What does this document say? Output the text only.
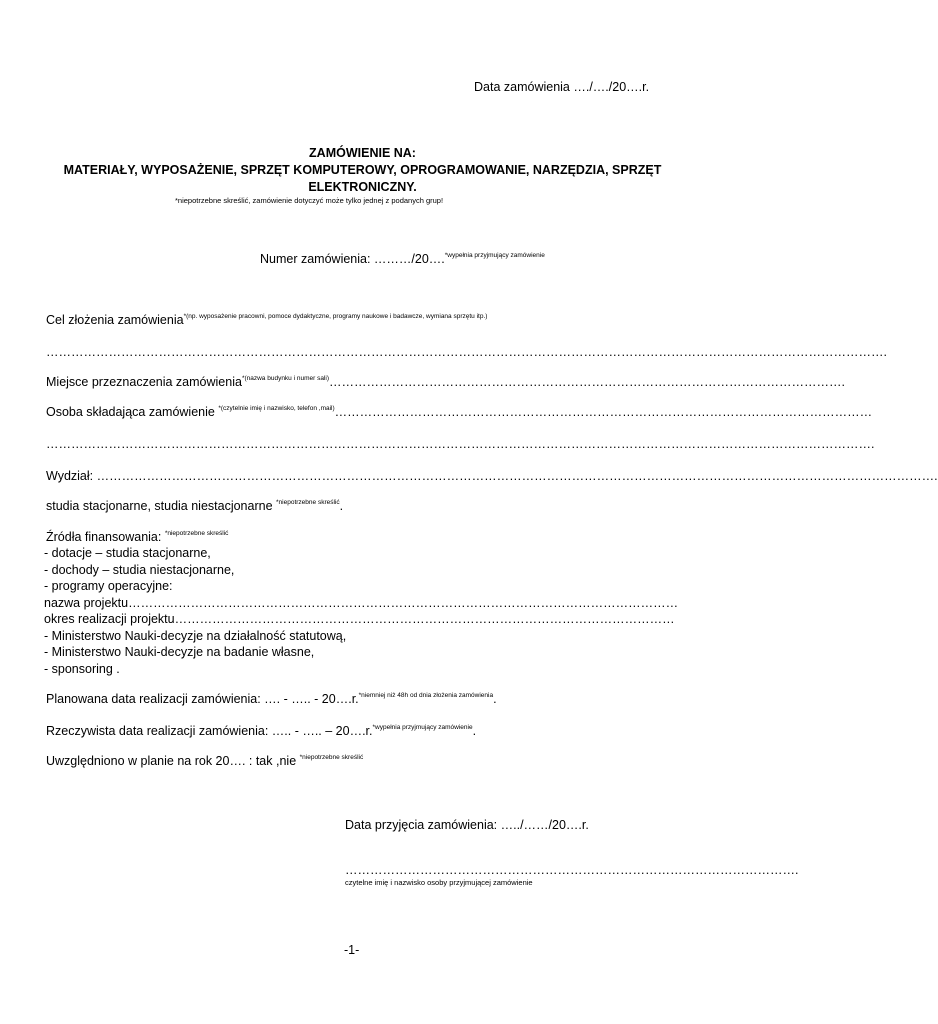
Data zamówienia …./…./20….r.
ZAMÓWIENIE NA:
MATERIAŁY, WYPOSAŻENIE, SPRZĘT KOMPUTEROWY, OPROGRAMOWANIE, NARZĘDZIA, SPRZĘT
ELEKTRONICZNY.
*niepotrzebne skreślić, zamówienie dotyczyć może tylko jednej z podanych grup!
Numer zamówienia: ………/20….$^{*wypełnia przyjmujący zamówienie}$
Cel złożenia zamówienia$^{*(np. wyposażenie pracowni, pomoce dydaktyczne, programy naukowe i badawcze, wymiana sprzętu itp.)}$
………………………………………………………………………………………………………………………………………………………………………………….
Miejsce przeznaczenia zamówienia$^{*(nazwa budynku i numer sali)}$…………………………………………………………………………………………………………….
Osoba składająca zamówienie $^{*(czytelnie imię i nazwisko, telefon ,mail)}$…………………………………………………………………………………………………………………
……………………………………………………………………………………………………………………………………………………………………………….
Wydział: ………………………………………………………………………………………………………………………………………………………………………………….
studia stacjonarne, studia niestacjonarne $^{*niepotrzebne skreślić}$.
Źródła finansowania: $^{*niepotrzebne skreślić}$
- dotacje – studia stacjonarne,
- dochody – studia niestacjonarne,
- programy operacyjne:
nazwa projektu……………………………………………………………………………………………………………………
okres realizacji projektu…………………………………………………………………………………………………………
- Ministerstwo Nauki-decyzje na działalność statutową,
- Ministerstwo Nauki-decyzje na badanie własne,
- sponsoring .
Planowana data realizacji zamówienia: …. - ….. - 20….r.$^{*niemniej niż 48h od dnia złożenia zamówienia}$.
Rzeczywista data realizacji zamówienia: ….. - ….. – 20….r.$^{*wypełnia przyjmujący zamówienie}$.
Uwzględniono w planie na rok 20…. : tak ,nie $^{*niepotrzebne skreślić}$
Data przyjęcia zamówienia: …../……/20….r.
……………………………………………………………………………………………….
czytelne imię i nazwisko osoby przyjmującej zamówienie
-1-
